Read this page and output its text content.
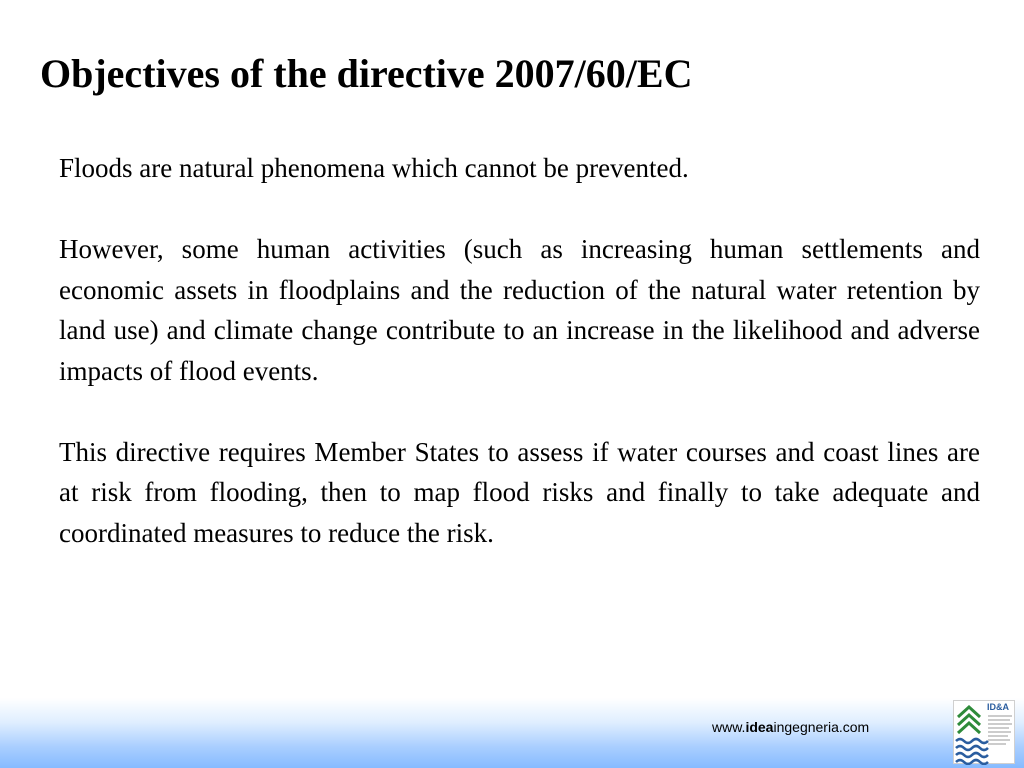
Objectives of the directive 2007/60/EC

Floods are natural phenomena which cannot be prevented.

However, some human activities (such as increasing human settlements and economic assets in floodplains and the reduction of the natural water retention by land use) and climate change contribute to an increase in the likelihood and adverse impacts of flood events.

This directive requires Member States to assess if water courses and coast lines are at risk from flooding, then to map flood risks and finally to take adequate and coordinated measures to reduce the risk.

www.ideaingegneria.com
ID&A
